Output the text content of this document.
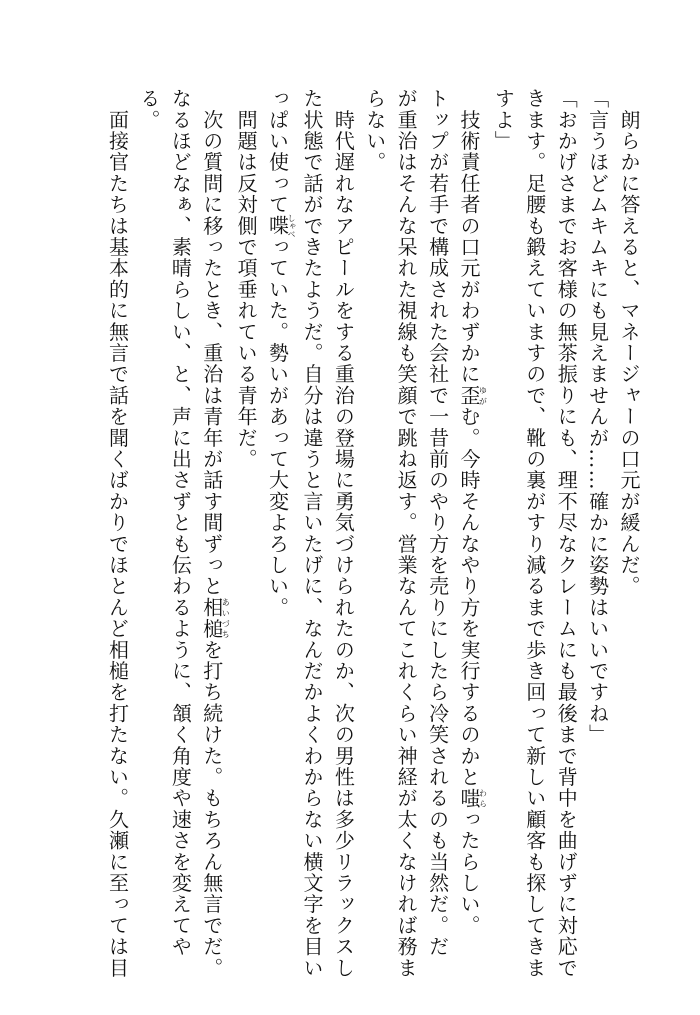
　朗らかに答えると、マネージャーの口元が緩んだ。

「言うほどムキムキにも見えませんが……確かに姿勢はいいですね」

「おかげさまでお客様の無茶振りにも、理不尽なクレームにも最後まで背中を曲げずに対応で

きます。足腰も鍛えていますので、靴の裏がすり減るまで歩き回って新しい顧客も探してきま

すよ」

　技術責任者の口元がわずかに歪ゆがむ。今時そんなやり方を実行するのかと嗤わらったらしい。

トップが若手で構成された会社で一昔前のやり方を売りにしたら冷笑されるのも当然だ。だ

が重治はそんな呆れた視線も笑顔で跳ね返す。営業なんてこれくらい神経が太くなければ務ま

らない。

　時代遅れなアピールをする重治の登場に勇気づけられたのか、次の男性は多少リラックスし

た状態で話ができたようだ。自分は違うと言いたげに、なんだかよくわからない横文字を目い

っぱい使って喋しゃべっていた。勢いがあって大変よろしい。

　問題は反対側で項垂れている青年だ。

　次の質問に移ったとき、重治は青年が話す間ずっと相槌あいづちを打ち続けた。もちろん無言でだ。

なるほどなぁ、素晴らしい、と、声に出さずとも伝わるように、頷く角度や速さを変えてや

る。

　面接官たちは基本的に無言で話を聞くばかりでほとんど相槌を打たない。久瀬に至っては目
